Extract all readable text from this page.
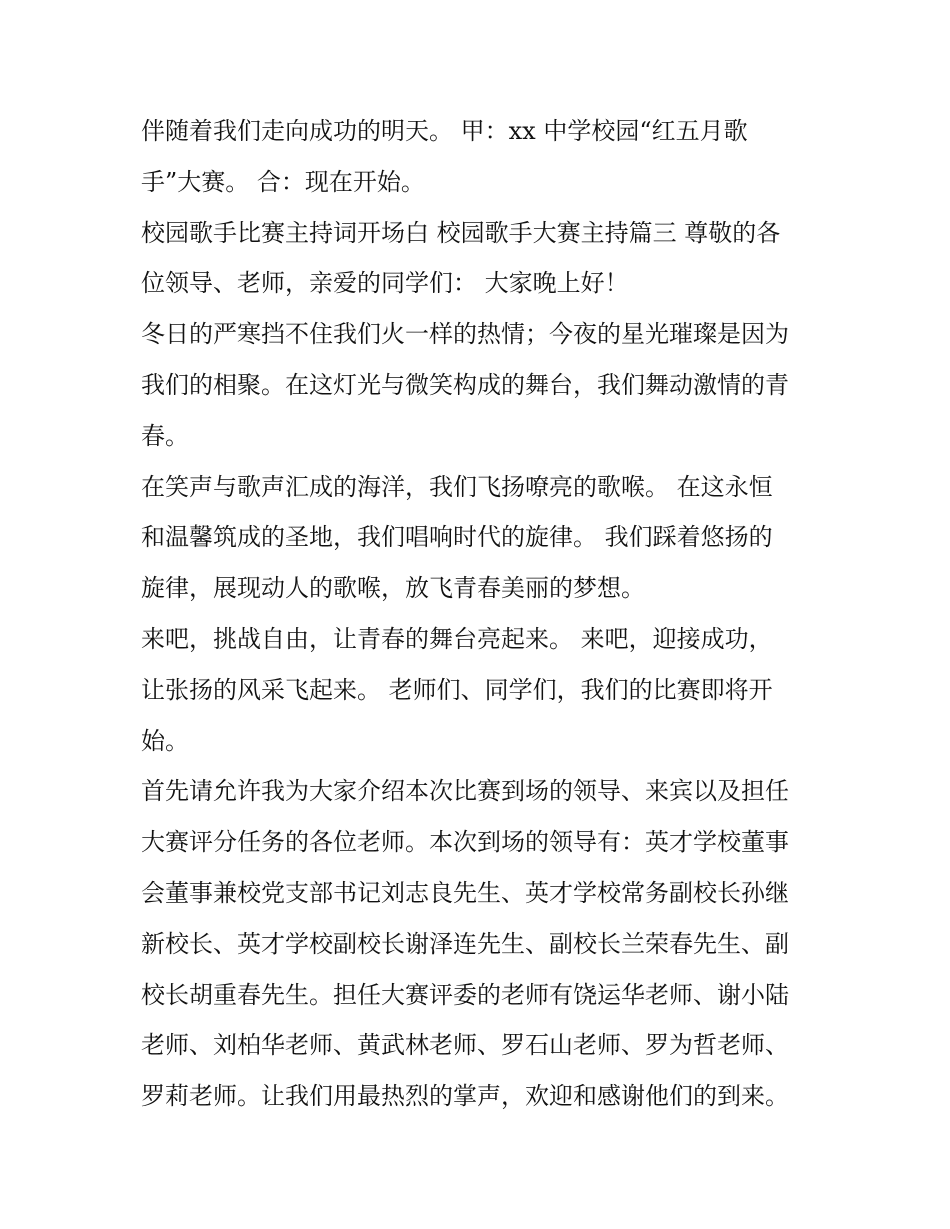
伴随着我们走向成功的明天。 甲：xx 中学校园“红五月歌
手”大赛。 合：现在开始。
校园歌手比赛主持词开场白 校园歌手大赛主持篇三 尊敬的各
位领导、老师，亲爱的同学们： 大家晚上好！
冬日的严寒挡不住我们火一样的热情；今夜的星光璀璨是因为
我们的相聚。在这灯光与微笑构成的舞台，我们舞动激情的青
春。
在笑声与歌声汇成的海洋，我们飞扬嘹亮的歌喉。 在这永恒
和温馨筑成的圣地，我们唱响时代的旋律。 我们踩着悠扬的
旋律，展现动人的歌喉，放飞青春美丽的梦想。
来吧，挑战自由，让青春的舞台亮起来。 来吧，迎接成功，
让张扬的风采飞起来。 老师们、同学们，我们的比赛即将开
始。
首先请允许我为大家介绍本次比赛到场的领导、来宾以及担任
大赛评分任务的各位老师。本次到场的领导有：英才学校董事
会董事兼校党支部书记刘志良先生、英才学校常务副校长孙继
新校长、英才学校副校长谢泽连先生、副校长兰荣春先生、副
校长胡重春先生。担任大赛评委的老师有饶运华老师、谢小陆
老师、刘柏华老师、黄武林老师、罗石山老师、罗为哲老师、
罗莉老师。让我们用最热烈的掌声，欢迎和感谢他们的到来。
